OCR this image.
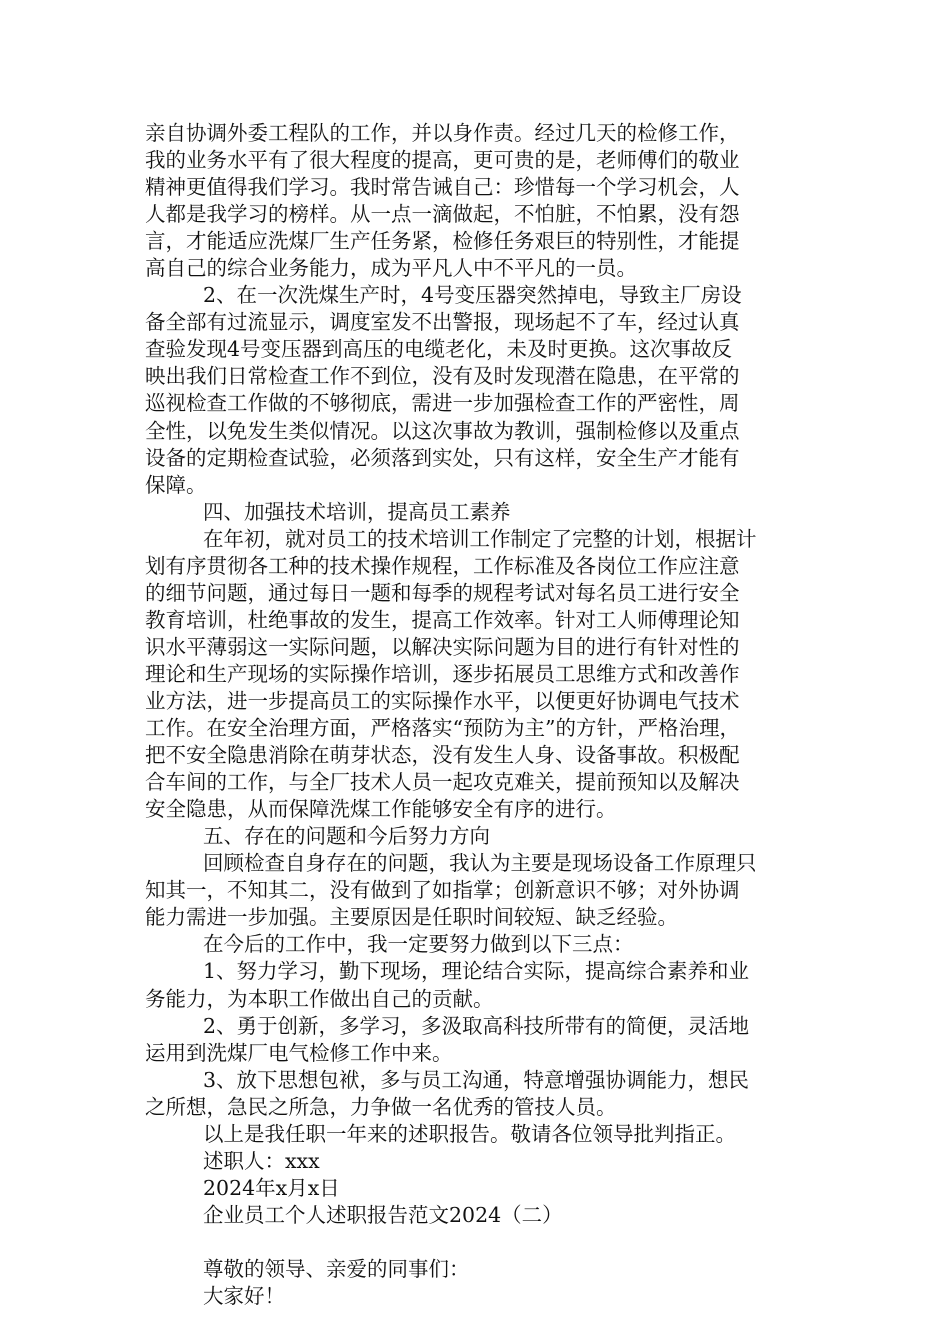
亲自协调外委工程队的工作，并以身作责。经过几天的检修工作，
我的业务水平有了很大程度的提高，更可贵的是，老师傅们的敬业
精神更值得我们学习。我时常告诫自己：珍惜每一个学习机会，人
人都是我学习的榜样。从一点一滴做起，不怕脏，不怕累，没有怨
言，才能适应洗煤厂生产任务紧，检修任务艰巨的特别性，才能提
高自己的综合业务能力，成为平凡人中不平凡的一员。
2、在一次洗煤生产时，4号变压器突然掉电，导致主厂房设
备全部有过流显示，调度室发不出警报，现场起不了车，经过认真
查验发现4号变压器到高压的电缆老化，未及时更换。这次事故反
映出我们日常检查工作不到位，没有及时发现潜在隐患，在平常的
巡视检查工作做的不够彻底，需进一步加强检查工作的严密性，周
全性，以免发生类似情况。以这次事故为教训，强制检修以及重点
设备的定期检查试验，必须落到实处，只有这样，安全生产才能有
保障。
四、加强技术培训，提高员工素养
在年初，就对员工的技术培训工作制定了完整的计划，根据计
划有序贯彻各工种的技术操作规程，工作标准及各岗位工作应注意
的细节问题，通过每日一题和每季的规程考试对每名员工进行安全
教育培训，杜绝事故的发生，提高工作效率。针对工人师傅理论知
识水平薄弱这一实际问题，以解决实际问题为目的进行有针对性的
理论和生产现场的实际操作培训，逐步拓展员工思维方式和改善作
业方法，进一步提高员工的实际操作水平，以便更好协调电气技术
工作。在安全治理方面，严格落实“预防为主”的方针，严格治理，
把不安全隐患消除在萌芽状态，没有发生人身、设备事故。积极配
合车间的工作，与全厂技术人员一起攻克难关，提前预知以及解决
安全隐患，从而保障洗煤工作能够安全有序的进行。
五、存在的问题和今后努力方向
回顾检查自身存在的问题，我认为主要是现场设备工作原理只
知其一，不知其二，没有做到了如指掌；创新意识不够；对外协调
能力需进一步加强。主要原因是任职时间较短、缺乏经验。
在今后的工作中，我一定要努力做到以下三点：
1、努力学习，勤下现场，理论结合实际，提高综合素养和业
务能力，为本职工作做出自己的贡献。
2、勇于创新，多学习，多汲取高科技所带有的简便，灵活地
运用到洗煤厂电气检修工作中来。
3、放下思想包袱，多与员工沟通，特意增强协调能力，想民
之所想，急民之所急，力争做一名优秀的管技人员。
以上是我任职一年来的述职报告。敬请各位领导批判指正。
述职人：xxx
2024年x月x日
企业员工个人述职报告范文2024（二）
尊敬的领导、亲爱的同事们：
大家好！
